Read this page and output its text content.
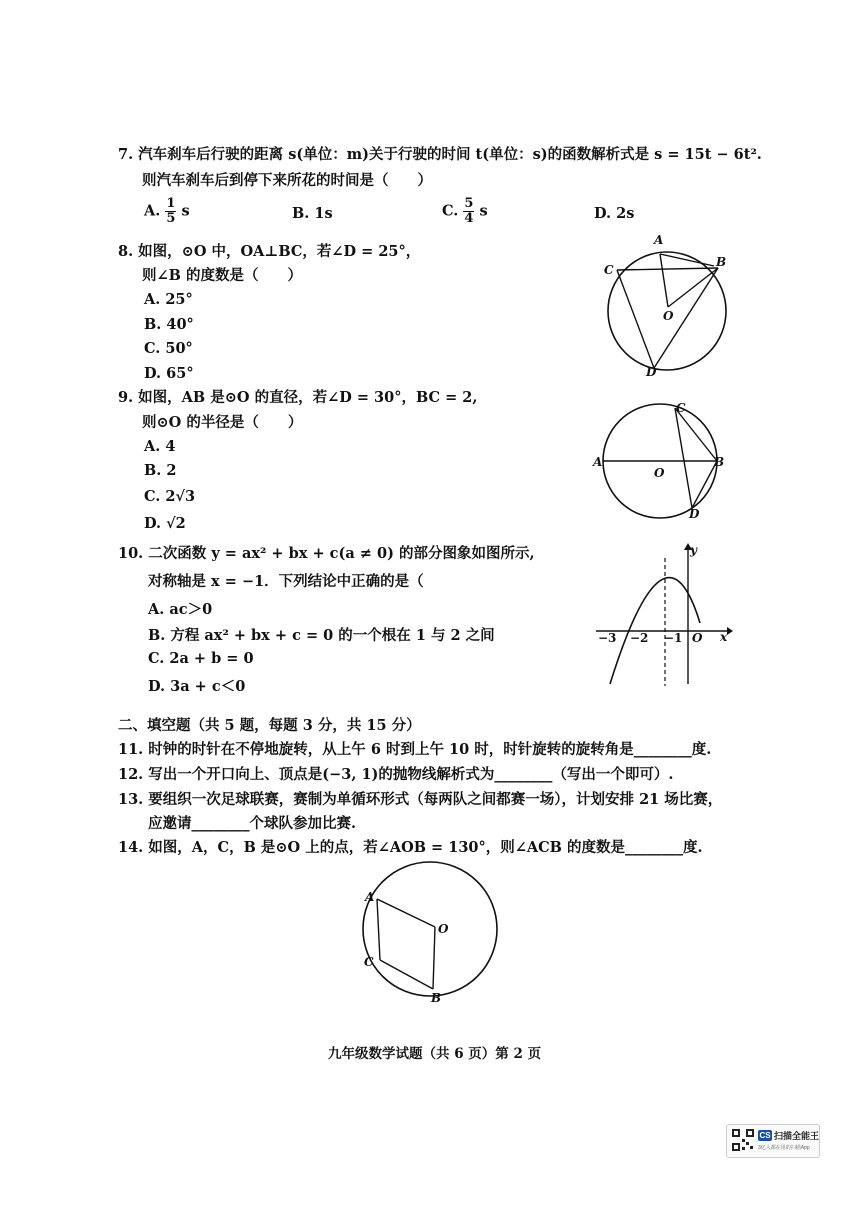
7. 汽车刹车后行驶的距离 s(单位：m)关于行驶的时间 t(单位：s)的函数解析式是 s = 15t − 6t².
则汽车刹车后到停下来所花的时间是（　　）
A. $\frac{1}{5}$ s	B. 1s	C. $\frac{5}{4}$ s	D. 2s
8. 如图，⊙O 中，OA⊥BC，若∠D = 25°，
则∠B 的度数是（　　）
A. 25°
B. 40°
C. 50°
D. 65°
A
B
C
D
O
9. 如图，AB 是⊙O 的直径，若∠D = 30°，BC = 2,
则⊙O 的半径是（　　）
A. 4
B. 2
C. 2√3
D. √2
C
A	B
O
D
10. 二次函数 y = ax² + bx + c(a ≠ 0) 的部分图象如图所示,
对称轴是 x = −1．下列结论中正确的是（
A. ac＞0
B. 方程 ax² + bx + c = 0 的一个根在 1 与 2 之间
C. 2a + b = 0
D. 3a + c＜0
y
x
O
−3 −2 −1
二、填空题（共 5 题，每题 3 分，共 15 分）
11. 时钟的时针在不停地旋转，从上午 6 时到上午 10 时，时针旋转的旋转角是________度.
12. 写出一个开口向上、顶点是(−3, 1)的抛物线解析式为________（写出一个即可）.
13. 要组织一次足球联赛，赛制为单循环形式（每两队之间都赛一场），计划安排 21 场比赛，
应邀请________个球队参加比赛.
14. 如图，A，C，B 是⊙O 上的点，若∠AOB = 130°，则∠ACB 的度数是________度.
A
O
C
B
九年级数学试题（共 6 页）第 2 页
CS 扫描全能王
3亿人都在用的扫描App
